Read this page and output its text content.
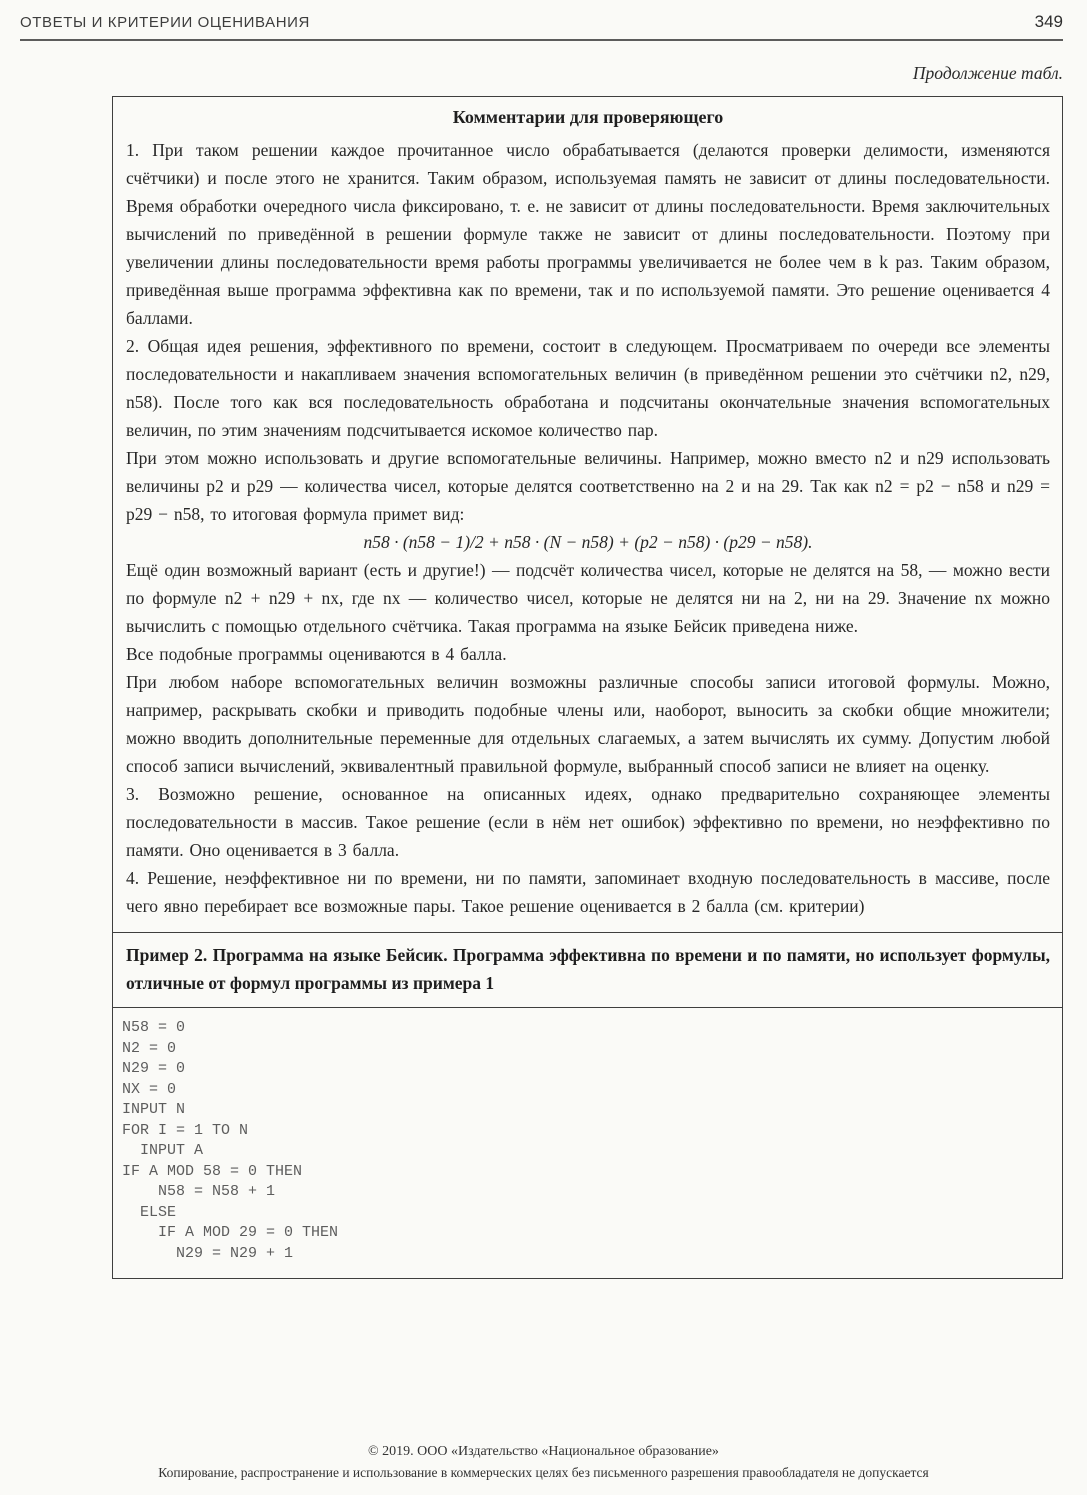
ОТВЕТЫ И КРИТЕРИИ ОЦЕНИВАНИЯ	349
Продолжение табл.
Комментарии для проверяющего
1. При таком решении каждое прочитанное число обрабатывается (делаются проверки делимости, изменяются счётчики) и после этого не хранится. Таким образом, используемая память не зависит от длины последовательности. Время обработки очередного числа фиксировано, т. е. не зависит от длины последовательности. Время заключительных вычислений по приведённой в решении формуле также не зависит от длины последовательности. Поэтому при увеличении длины последовательности время работы программы увеличивается не более чем в k раз. Таким образом, приведённая выше программа эффективна как по времени, так и по используемой памяти. Это решение оценивается 4 баллами.
2. Общая идея решения, эффективного по времени, состоит в следующем. Просматриваем по очереди все элементы последовательности и накапливаем значения вспомогательных величин (в приведённом решении это счётчики n2, n29, n58). После того как вся последовательность обработана и подсчитаны окончательные значения вспомогательных величин, по этим значениям подсчитывается искомое количество пар.
При этом можно использовать и другие вспомогательные величины. Например, можно вместо n2 и n29 использовать величины p2 и p29 — количества чисел, которые делятся соответственно на 2 и на 29. Так как n2 = p2 − n58 и n29 = p29 − n58, то итоговая формула примет вид:
n58 · (n58 − 1)/2 + n58 · (N − n58) + (p2 − n58) · (p29 − n58).
Ещё один возможный вариант (есть и другие!) — подсчёт количества чисел, которые не делятся на 58, — можно вести по формуле n2 + n29 + nx, где nx — количество чисел, которые не делятся ни на 2, ни на 29. Значение nx можно вычислить с помощью отдельного счётчика. Такая программа на языке Бейсик приведена ниже.
Все подобные программы оцениваются в 4 балла.
При любом наборе вспомогательных величин возможны различные способы записи итоговой формулы. Можно, например, раскрывать скобки и приводить подобные члены или, наоборот, выносить за скобки общие множители; можно вводить дополнительные переменные для отдельных слагаемых, а затем вычислять их сумму. Допустим любой способ записи вычислений, эквивалентный правильной формуле, выбранный способ записи не влияет на оценку.
3. Возможно решение, основанное на описанных идеях, однако предварительно сохраняющее элементы последовательности в массив. Такое решение (если в нём нет ошибок) эффективно по времени, но неэффективно по памяти. Оно оценивается в 3 балла.
4. Решение, неэффективное ни по времени, ни по памяти, запоминает входную последовательность в массиве, после чего явно перебирает все возможные пары. Такое решение оценивается в 2 балла (см. критерии)
Пример 2. Программа на языке Бейсик. Программа эффективна по времени и по памяти, но использует формулы, отличные от формул программы из примера 1
N58 = 0
N2 = 0
N29 = 0
NX = 0
INPUT N
FOR I = 1 TO N
INPUT A
IF A MOD 58 = 0 THEN
N58 = N58 + 1
ELSE
IF A MOD 29 = 0 THEN
N29 = N29 + 1
© 2019. ООО «Издательство «Национальное образование»
Копирование, распространение и использование в коммерческих целях без письменного разрешения правообладателя не допускается
